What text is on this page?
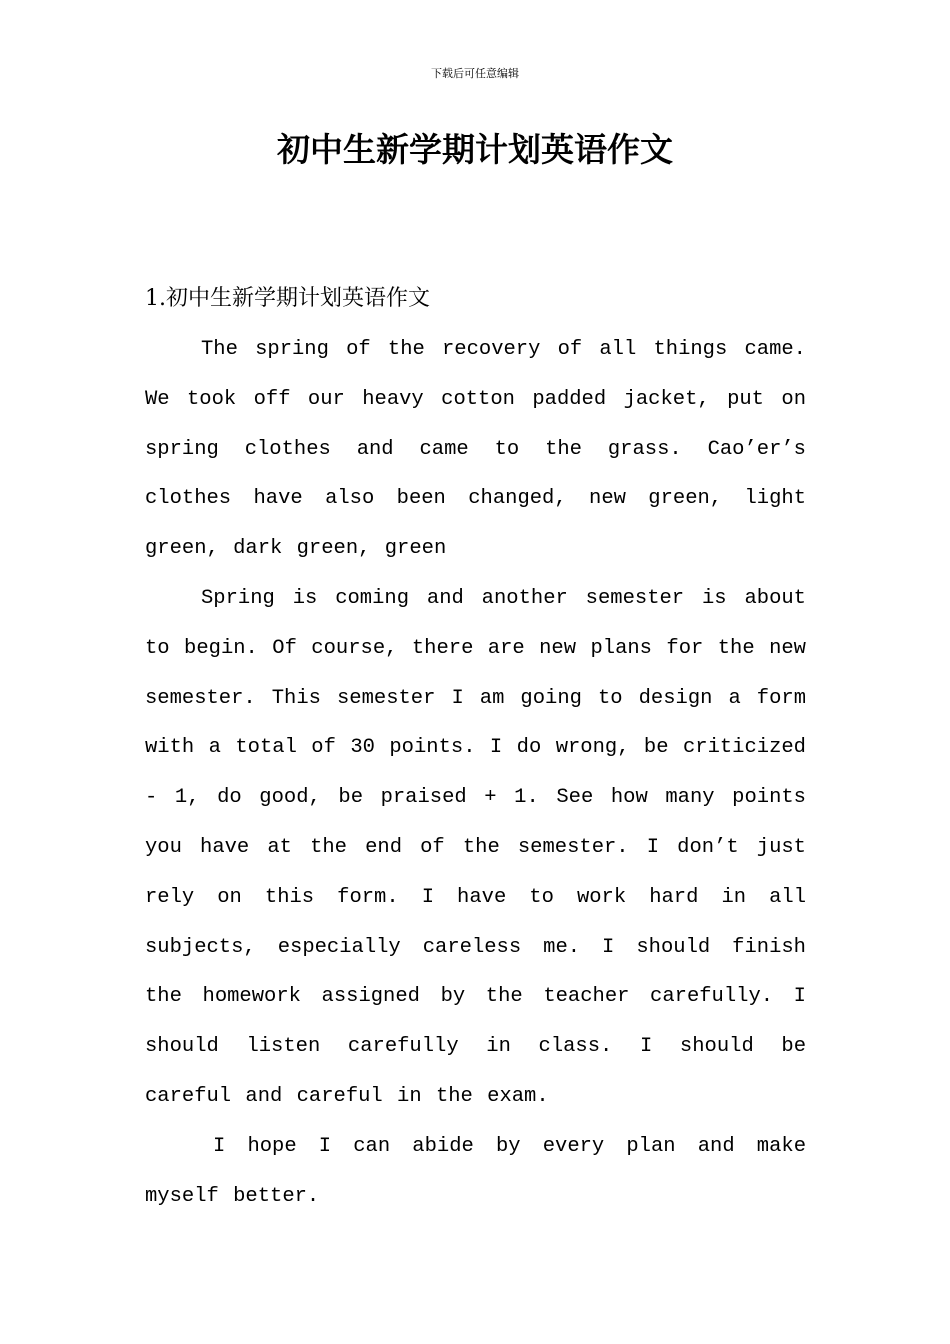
下载后可任意编辑
初中生新学期计划英语作文
1.初中生新学期计划英语作文

The spring of the recovery of all things came. We took off our heavy cotton padded jacket, put on spring clothes and came to the grass. Cao’er’s clothes have also been changed, new green, light green, dark green, green

Spring is coming and another semester is about to begin. Of course, there are new plans for the new semester. This semester I am going to design a form with a total of 30 points. I do wrong, be criticized - 1, do good, be praised + 1. See how many points you have at the end of the semester. I don’t just rely on this form. I have to work hard in all subjects, especially careless me. I should finish the homework assigned by the teacher carefully. I should listen carefully in class. I should be careful and careful in the exam.

I hope I can abide by every plan and make myself better.
